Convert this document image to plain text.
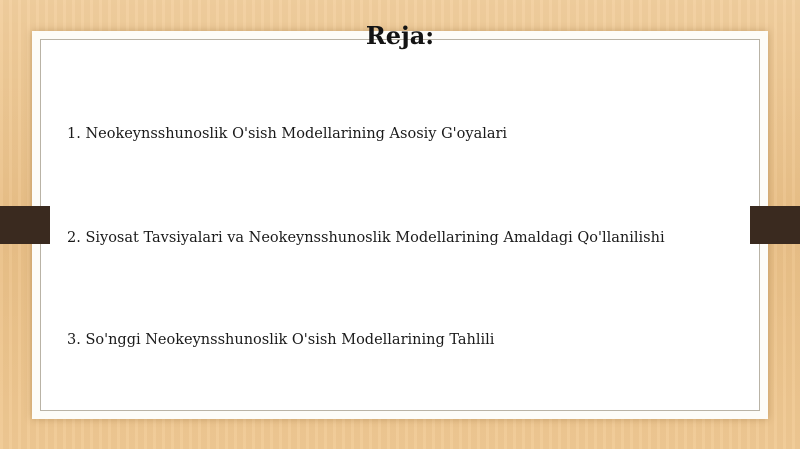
Reja:
1. Neokeynsshunoslik O'sish Modellarining Asosiy G'oyalari
2. Siyosat Tavsiyalari va Neokeynsshunoslik Modellarining Amaldagi Qo'llanilishi
3. So'nggi Neokeynsshunoslik O'sish Modellarining Tahlili
